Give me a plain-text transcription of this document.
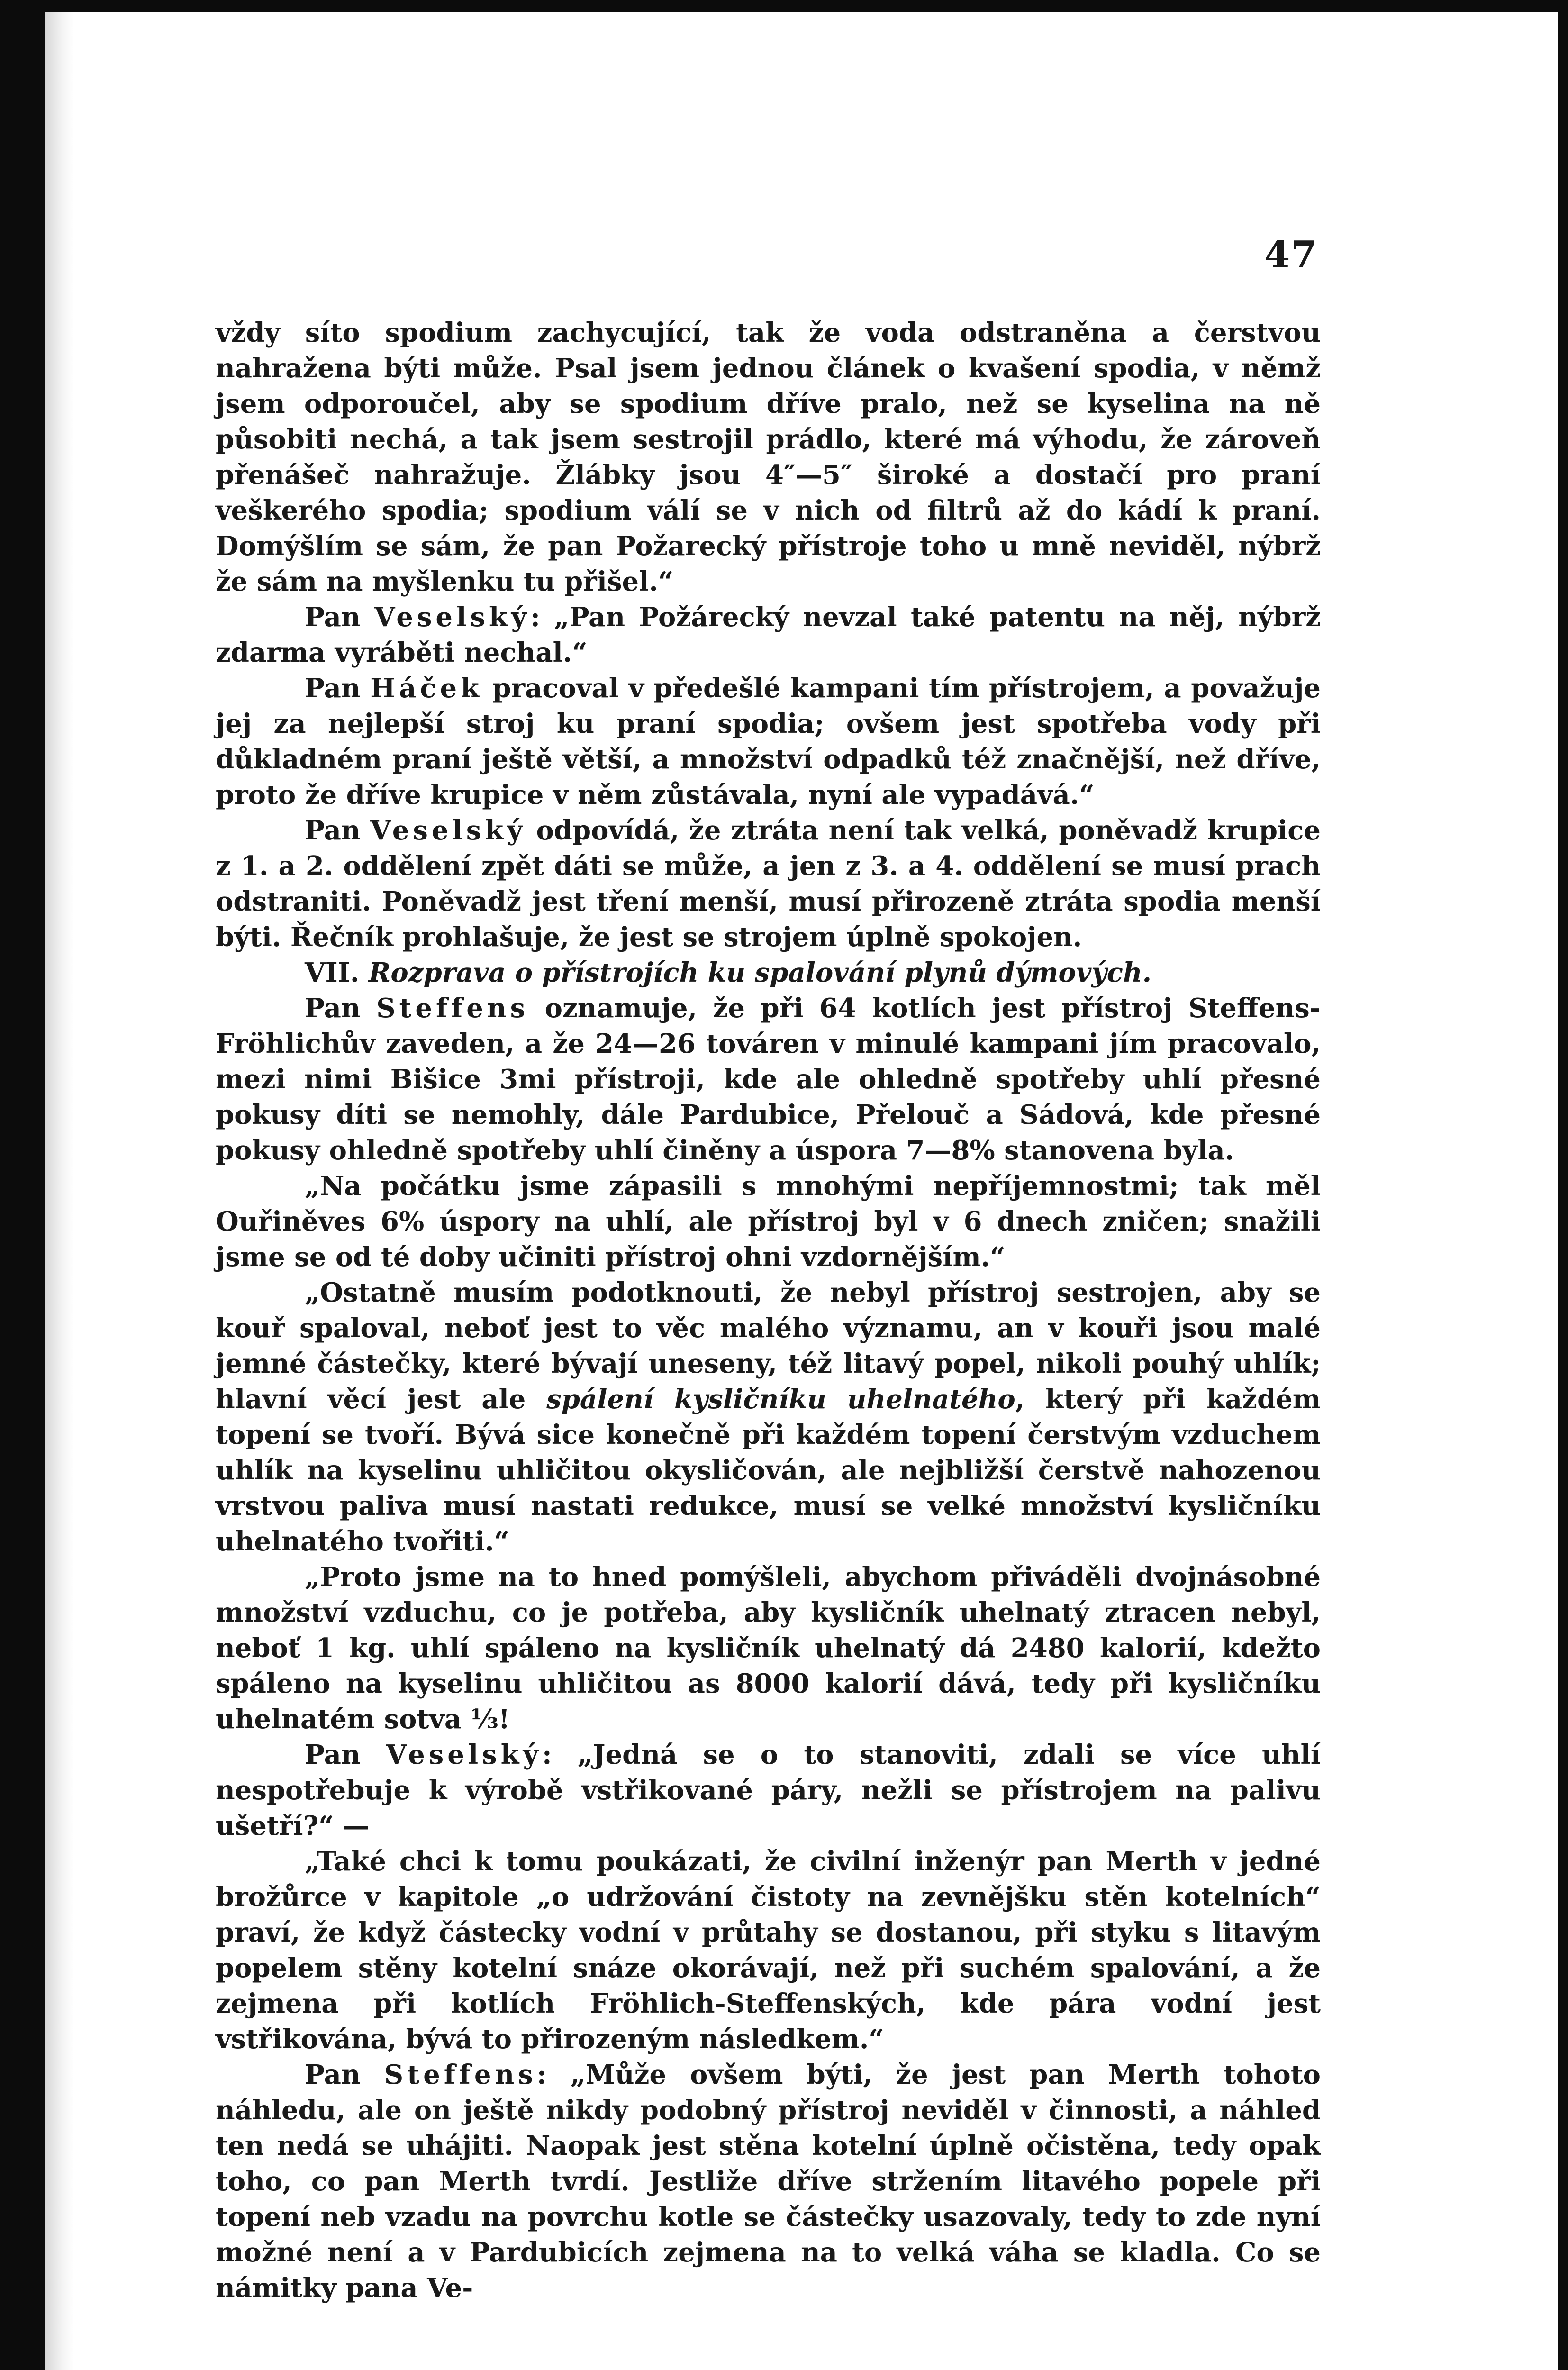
47

vždy síto spodium zachycující, tak že voda odstraněna a čerstvou nahražena býti může. Psal jsem jednou článek o kvašení spodia, v němž jsem odporoučel, aby se spodium dříve pralo, než se kyselina na ně působiti nechá, a tak jsem sestrojil prádlo, které má výhodu, že zároveň přenášeč nahražuje. Žlábky jsou 4″—5″ široké a dostačí pro praní veškerého spodia; spodium válí se v nich od filtrů až do kádí k praní. Domýšlím se sám, že pan Požarecký přístroje toho u mně neviděl, nýbrž že sám na myšlenku tu přišel.“

Pan Veselský: „Pan Požárecký nevzal také patentu na něj, nýbrž zdarma vyráběti nechal.“

Pan Háček pracoval v předešlé kampani tím přístrojem, a považuje jej za nejlepší stroj ku praní spodia; ovšem jest spotřeba vody při důkladném praní ještě větší, a množství odpadků též značnější, než dříve, proto že dříve krupice v něm zůstávala, nyní ale vypadává.“

Pan Veselský odpovídá, že ztráta není tak velká, poněvadž krupice z 1. a 2. oddělení zpět dáti se může, a jen z 3. a 4. oddělení se musí prach odstraniti. Poněvadž jest tření menší, musí přirozeně ztráta spodia menší býti. Řečník prohlašuje, že jest se strojem úplně spokojen.

VII. Rozprava o přístrojích ku spalování plynů dýmových.

Pan Steffens oznamuje, že při 64 kotlích jest přístroj Steffens-Fröhlichův zaveden, a že 24—26 továren v minulé kampani jím pracovalo, mezi nimi Bišice 3mi přístroji, kde ale ohledně spotřeby uhlí přesné pokusy díti se nemohly, dále Pardubice, Přelouč a Sádová, kde přesné pokusy ohledně spotřeby uhlí činěny a úspora 7—8% stanovena byla.

„Na počátku jsme zápasili s mnohými nepříjemnostmi; tak měl Ouřiněves 6% úspory na uhlí, ale přístroj byl v 6 dnech zničen; snažili jsme se od té doby učiniti přístroj ohni vzdornějším.“

„Ostatně musím podotknouti, že nebyl přístroj sestrojen, aby se kouř spaloval, neboť jest to věc malého významu, an v kouři jsou malé jemné částečky, které bývají uneseny, též litavý popel, nikoli pouhý uhlík; hlavní věcí jest ale spálení kysličníku uhelnatého, který při každém topení se tvoří. Bývá sice konečně při každém topení čerstvým vzduchem uhlík na kyselinu uhličitou okysličován, ale nejbližší čerstvě nahozenou vrstvou paliva musí nastati redukce, musí se velké množství kysličníku uhelnatého tvořiti.“

„Proto jsme na to hned pomýšleli, abychom přiváděli dvojnásobné množství vzduchu, co je potřeba, aby kysličník uhelnatý ztracen nebyl, neboť 1 kg. uhlí spáleno na kysličník uhelnatý dá 2480 kalorií, kdežto spáleno na kyselinu uhličitou as 8000 kalorií dává, tedy při kysličníku uhelnatém sotva ⅓!

Pan Veselský: „Jedná se o to stanoviti, zdali se více uhlí nespotřebuje k výrobě vstřikované páry, nežli se přístrojem na palivu ušetří?“ —

„Také chci k tomu poukázati, že civilní inženýr pan Merth v jedné brožůrce v kapitole „o udržování čistoty na zevnějšku stěn kotelních“ praví, že když částecky vodní v průtahy se dostanou, při styku s litavým popelem stěny kotelní snáze okorávají, než při suchém spalování, a že zejmena při kotlích Fröhlich-Steffenských, kde pára vodní jest vstřikována, bývá to přirozeným následkem.“

Pan Steffens: „Může ovšem býti, že jest pan Merth tohoto náhledu, ale on ještě nikdy podobný přístroj neviděl v činnosti, a náhled ten nedá se uhájiti. Naopak jest stěna kotelní úplně očistěna, tedy opak toho, co pan Merth tvrdí. Jestliže dříve stržením litavého popele při topení neb vzadu na povrchu kotle se částečky usazovaly, tedy to zde nyní možné není a v Pardubicích zejmena na to velká váha se kladla. Co se námitky pana Ve-
